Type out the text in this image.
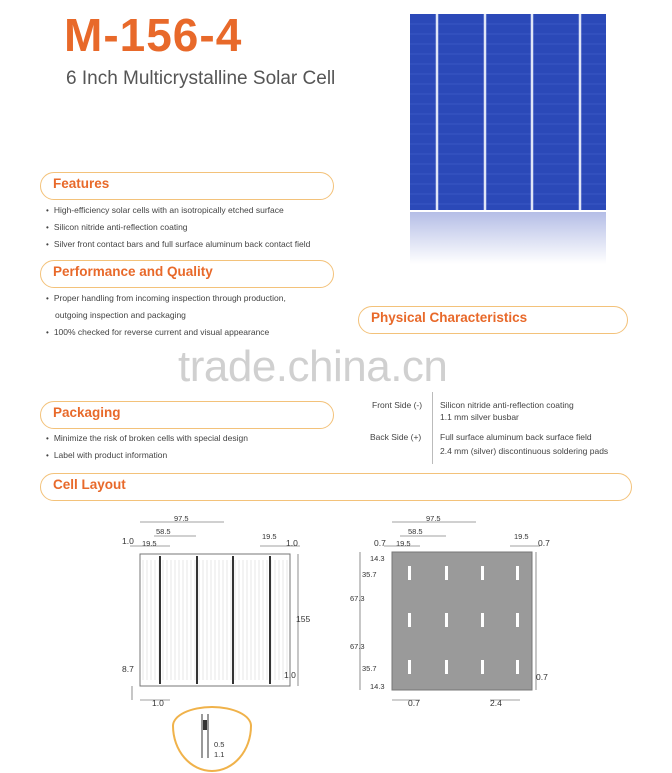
M-156-4
6 Inch Multicrystalline Solar Cell
Features
• High-efficiency solar cells with an isotropically etched surface
• Silicon nitride anti-reflection coating
• Silver front contact bars and full surface aluminum back contact field
Performance and Quality
• Proper handling from incoming inspection through production,
outgoing inspection and packaging
• 100% checked for reverse current and visual appearance
Physical Characteristics
trade.china.cn
Front Side (-) Silicon nitride anti-reflection coating
1.1 mm silver busbar
Back Side (+) Full surface aluminum back surface field
2.4 mm (silver) discontinuous soldering pads
Packaging
• Minimize the risk of broken cells with special design
• Label with product information
Cell Layout
97.5
58.5
1.0 19.5
19.5
1.0
155
8.7
1.0
1.0
0.5
1.1
97.5
58.5
0.7 19.5
19.5
0.7
14.3
35.7
67.3
67.3
35.7
14.3
0.7
0.7	2.4
